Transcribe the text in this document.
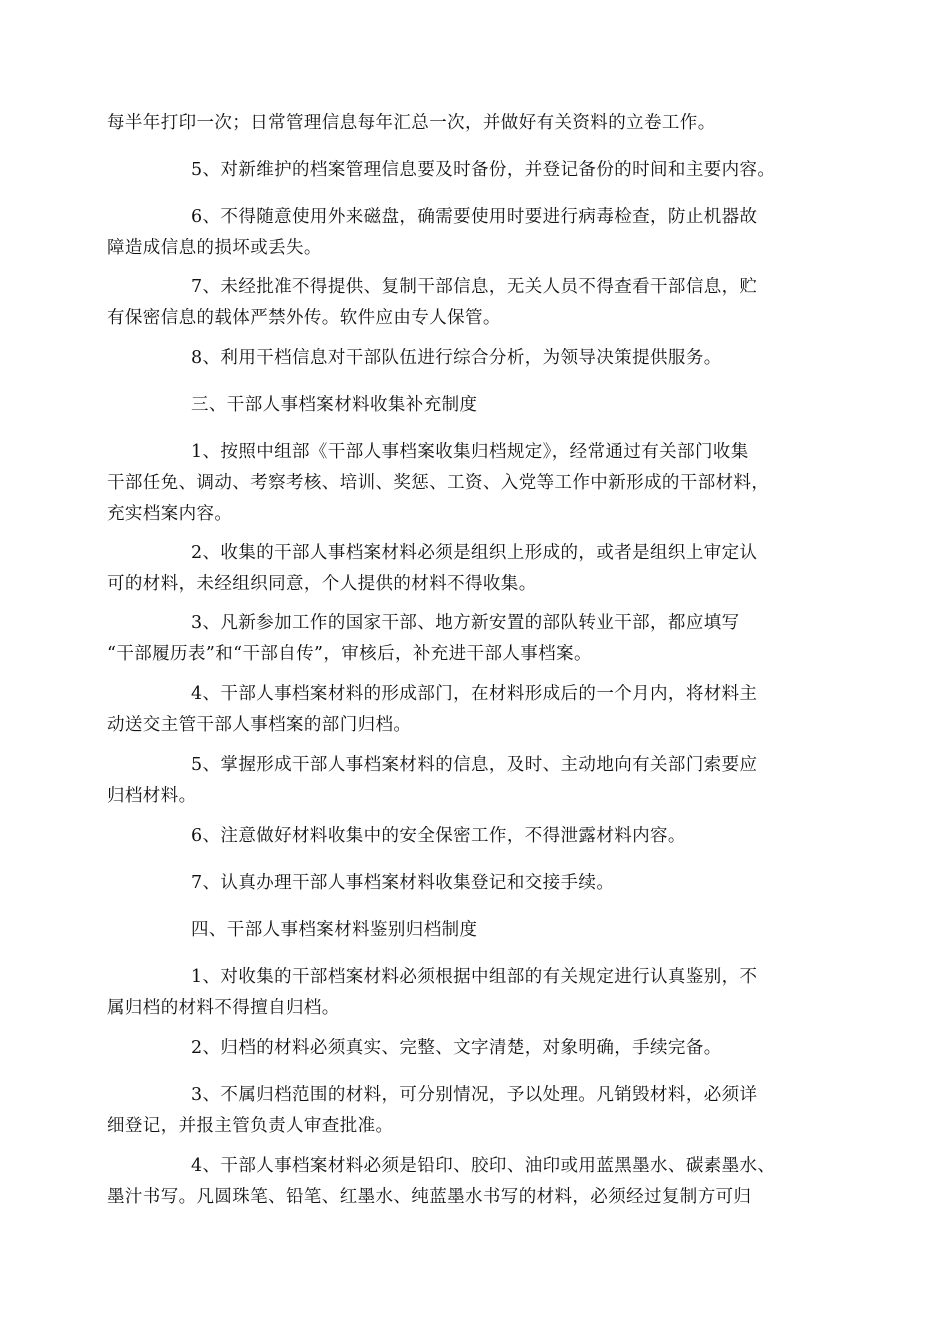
每半年打印一次；日常管理信息每年汇总一次，并做好有关资料的立卷工作。

5、对新维护的档案管理信息要及时备份，并登记备份的时间和主要内容。

6、不得随意使用外来磁盘，确需要使用时要进行病毒检查，防止机器故
障造成信息的损坏或丢失。

7、未经批准不得提供、复制干部信息，无关人员不得查看干部信息，贮
有保密信息的载体严禁外传。软件应由专人保管。

8、利用干档信息对干部队伍进行综合分析，为领导决策提供服务。

三、干部人事档案材料收集补充制度

1、按照中组部《干部人事档案收集归档规定》，经常通过有关部门收集
干部任免、调动、考察考核、培训、奖惩、工资、入党等工作中新形成的干部材料，
充实档案内容。

2、收集的干部人事档案材料必须是组织上形成的，或者是组织上审定认
可的材料，未经组织同意，个人提供的材料不得收集。

3、凡新参加工作的国家干部、地方新安置的部队转业干部，都应填写
“干部履历表”和“干部自传”，审核后，补充进干部人事档案。

4、干部人事档案材料的形成部门，在材料形成后的一个月内，将材料主
动送交主管干部人事档案的部门归档。

5、掌握形成干部人事档案材料的信息，及时、主动地向有关部门索要应
归档材料。

6、注意做好材料收集中的安全保密工作，不得泄露材料内容。

7、认真办理干部人事档案材料收集登记和交接手续。

四、干部人事档案材料鉴别归档制度

1、对收集的干部档案材料必须根据中组部的有关规定进行认真鉴别，不
属归档的材料不得擅自归档。

2、归档的材料必须真实、完整、文字清楚，对象明确，手续完备。

3、不属归档范围的材料，可分别情况，予以处理。凡销毁材料，必须详
细登记，并报主管负责人审查批准。

4、干部人事档案材料必须是铅印、胶印、油印或用蓝黑墨水、碳素墨水、
墨汁书写。凡圆珠笔、铅笔、红墨水、纯蓝墨水书写的材料，必须经过复制方可归
